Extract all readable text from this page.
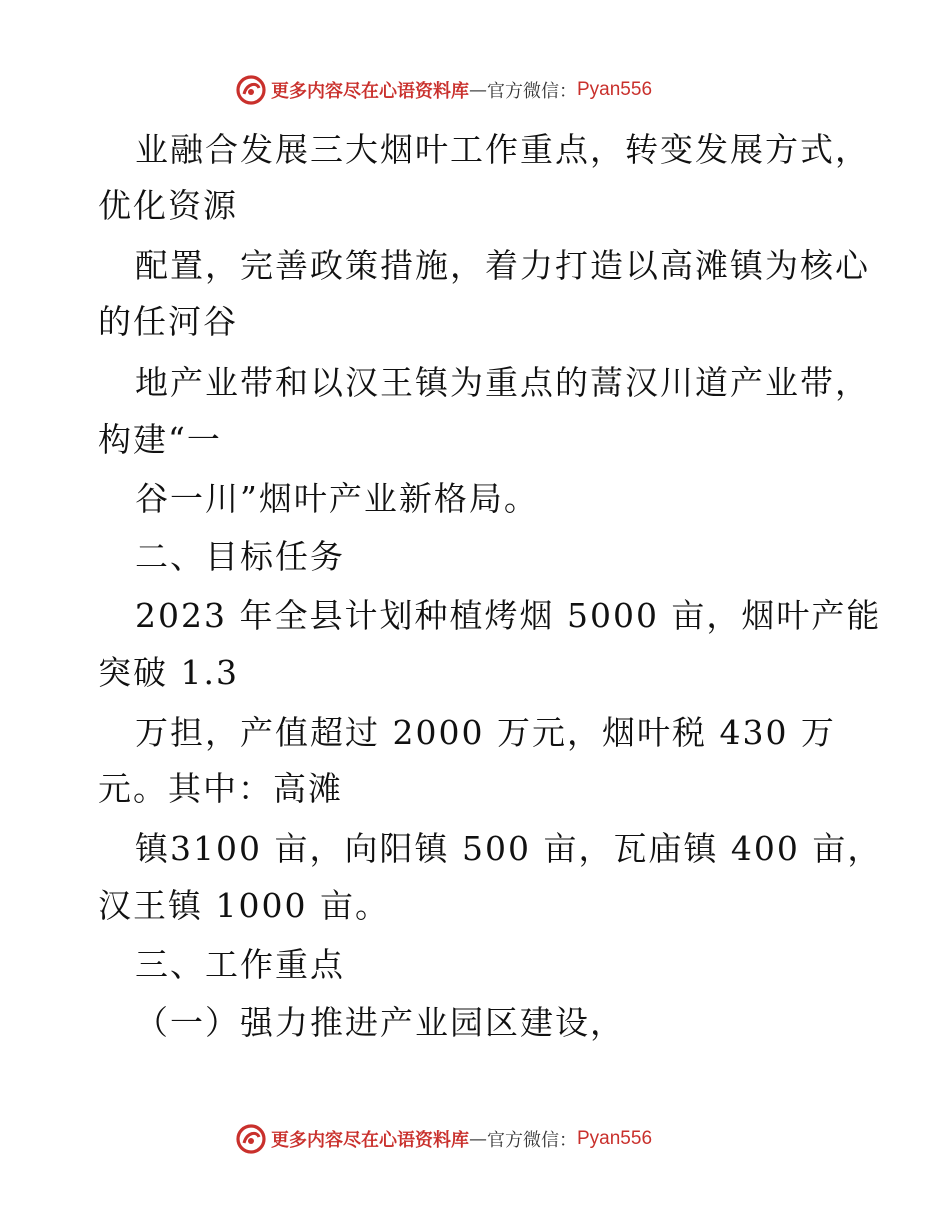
更多内容尽在心语资料库 — 官方微信： Pyan556
业融合发展三大烟叶工作重点，转变发展方式，
优化资源
配置，完善政策措施，着力打造以高滩镇为核心
的任河谷
地产业带和以汉王镇为重点的蒿汉川道产业带，
构建“一
谷一川”烟叶产业新格局。
二、目标任务
2023 年全县计划种植烤烟 5000 亩，烟叶产能
突破 1.3
万担，产值超过 2000 万元，烟叶税 430 万
元。其中：高滩
镇3100 亩，向阳镇 500 亩，瓦庙镇 400 亩，
汉王镇 1000 亩。
三、工作重点
（一）强力推进产业园区建设，
更多内容尽在心语资料库 — 官方微信： Pyan556
